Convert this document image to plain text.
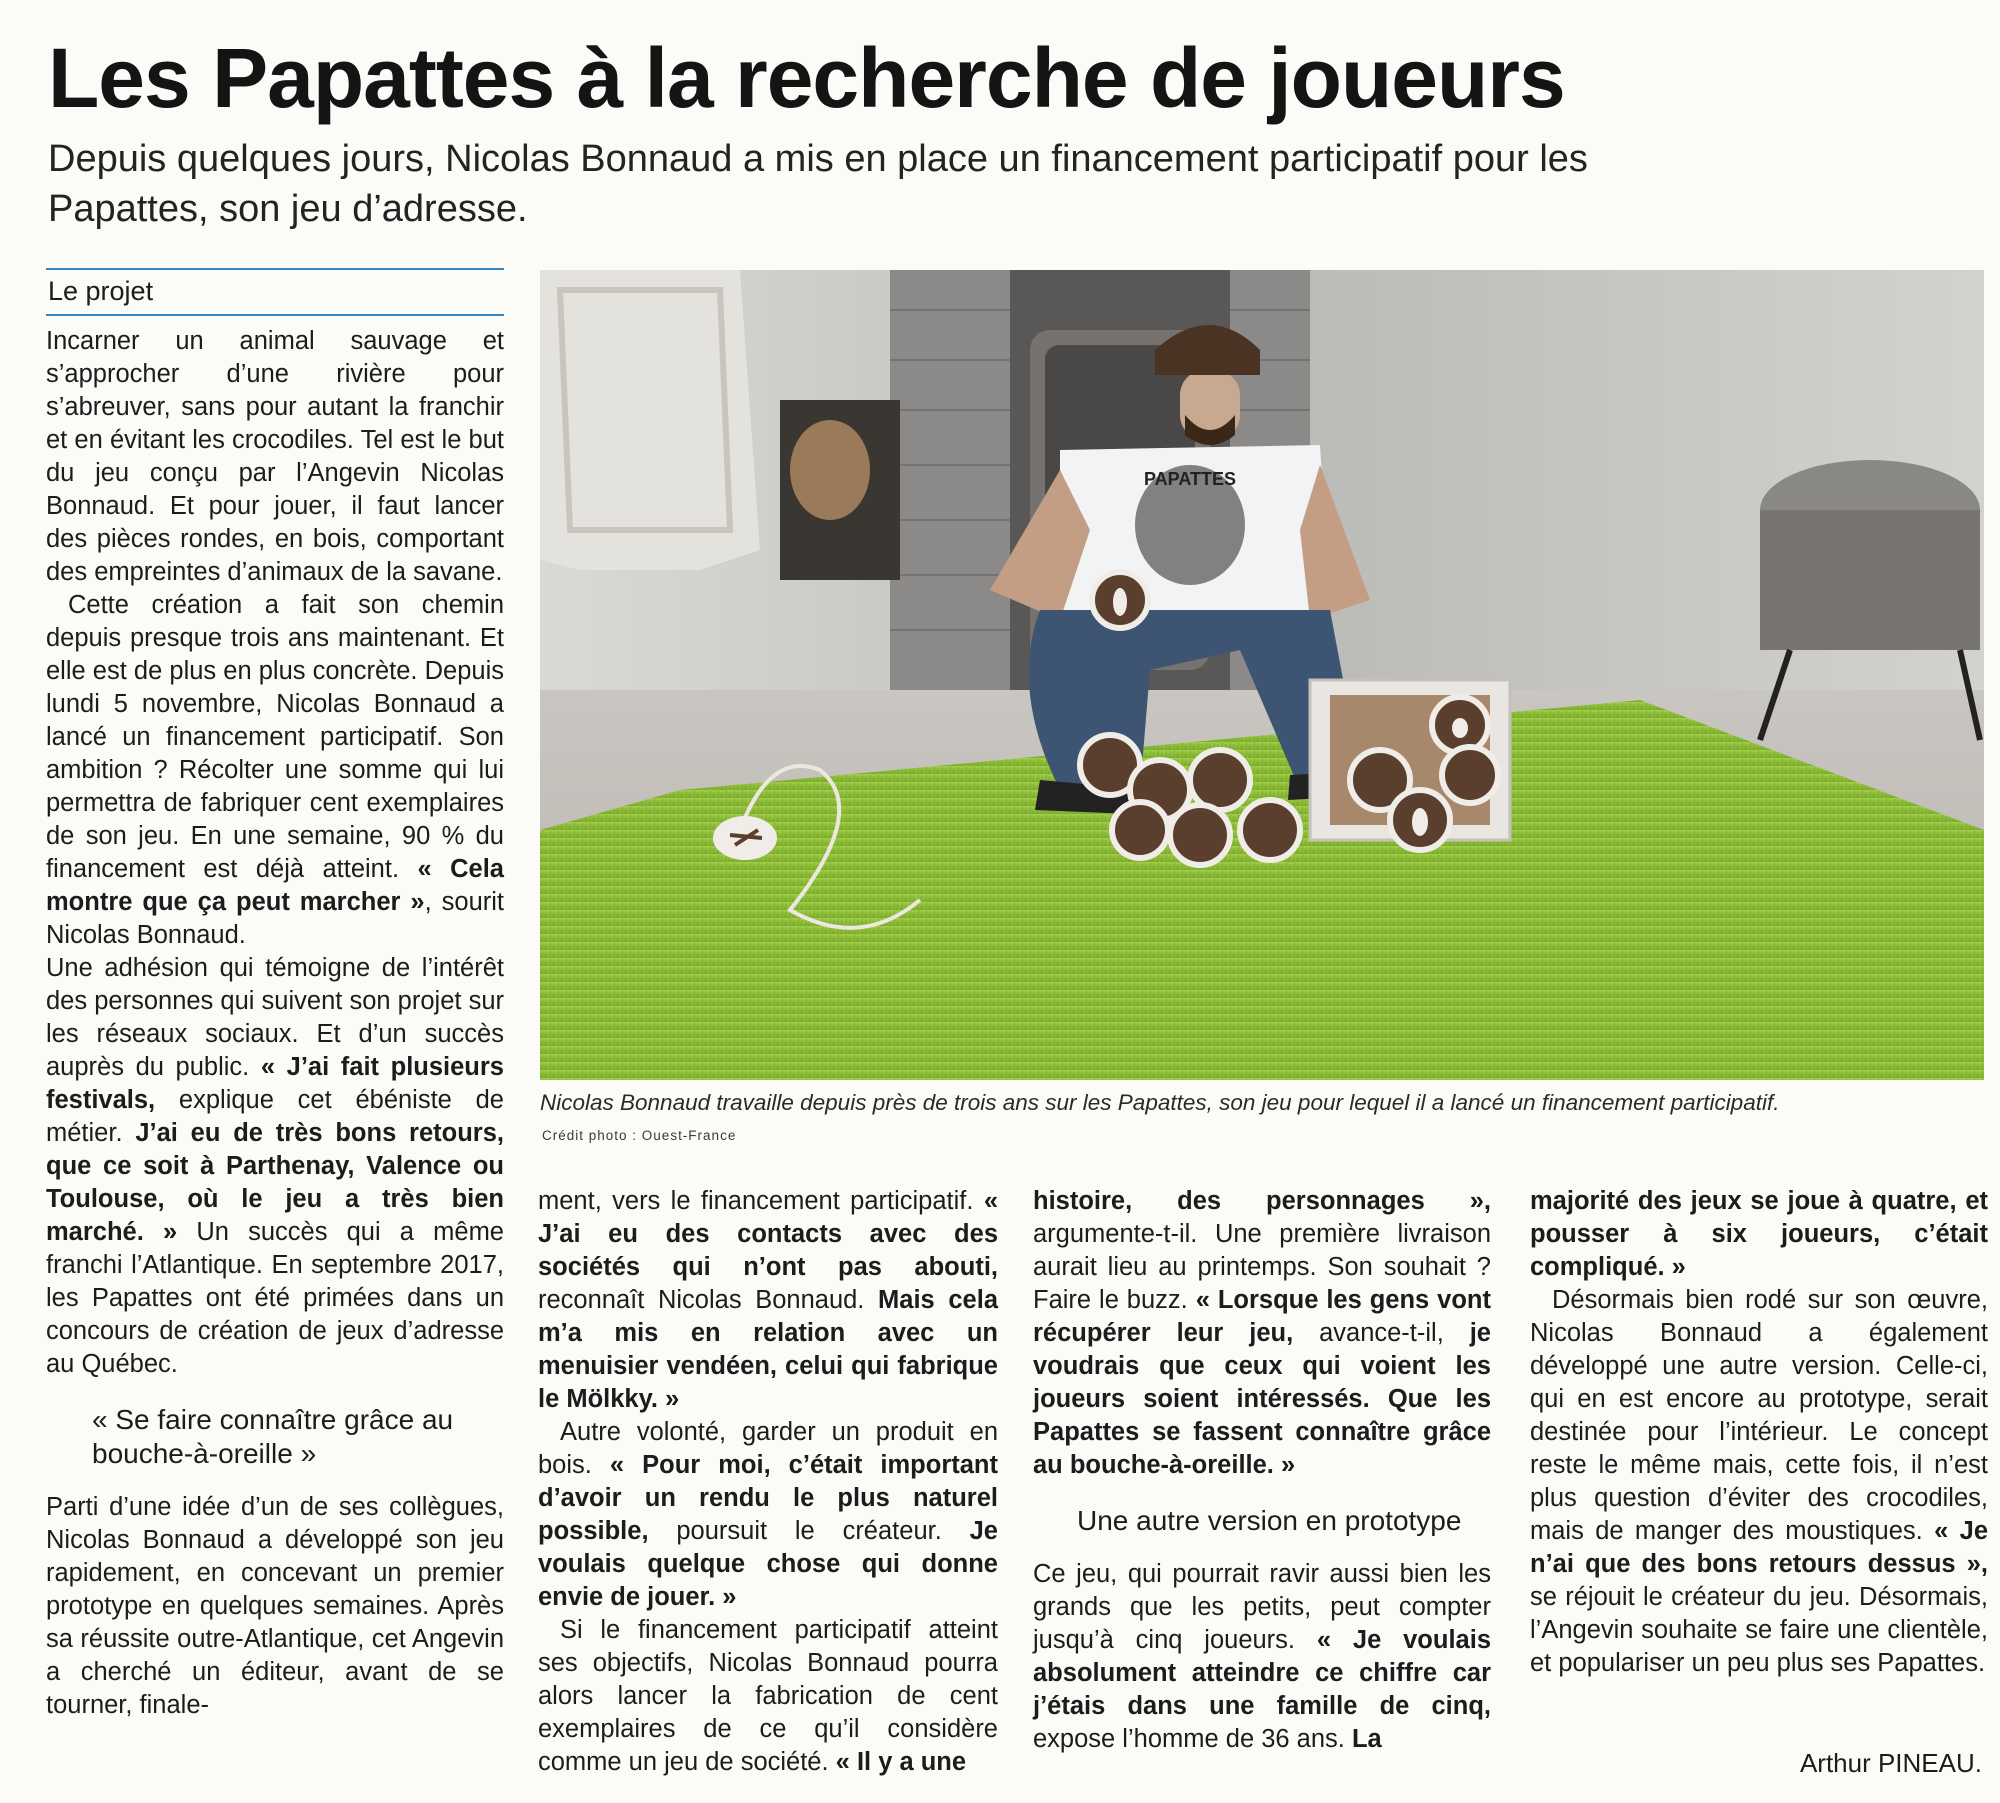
Les Papattes à la recherche de joueurs
Depuis quelques jours, Nicolas Bonnaud a mis en place un financement participatif pour les Papattes, son jeu d’adresse.
Le projet

Incarner un animal sauvage et s’approcher d’une rivière pour s’abreuver, sans pour autant la franchir et en évitant les crocodiles. Tel est le but du jeu conçu par l’Angevin Nicolas Bonnaud. Et pour jouer, il faut lancer des pièces rondes, en bois, comportant des empreintes d’animaux de la savane.

Cette création a fait son chemin depuis presque trois ans maintenant. Et elle est de plus en plus concrète. Depuis lundi 5 novembre, Nicolas Bonnaud a lancé un financement participatif. Son ambition ? Récolter une somme qui lui permettra de fabriquer cent exemplaires de son jeu. En une semaine, 90 % du financement est déjà atteint. « Cela montre que ça peut marcher », sourit Nicolas Bonnaud.

Une adhésion qui témoigne de l’intérêt des personnes qui suivent son projet sur les réseaux sociaux. Et d’un succès auprès du public. « J’ai fait plusieurs festivals, explique cet ébéniste de métier. J’ai eu de très bons retours, que ce soit à Parthenay, Valence ou Toulouse, où le jeu a très bien marché. » Un succès qui a même franchi l’Atlantique. En septembre 2017, les Papattes ont été primées dans un concours de création de jeux d’adresse au Québec.

« Se faire connaître grâce au bouche-à-oreille »

Parti d’une idée d’un de ses collègues, Nicolas Bonnaud a développé son jeu rapidement, en concevant un premier prototype en quelques semaines. Après sa réussite outre-Atlantique, cet Angevin a cherché un éditeur, avant de se tourner, finale-

PAPATTES
Nicolas Bonnaud travaille depuis près de trois ans sur les Papattes, son jeu pour lequel il a lancé un financement participatif.
Crédit photo : Ouest-France

ment, vers le financement participatif. « J’ai eu des contacts avec des sociétés qui n’ont pas abouti, reconnaît Nicolas Bonnaud. Mais cela m’a mis en relation avec un menuisier vendéen, celui qui fabrique le Mölkky. »

Autre volonté, garder un produit en bois. « Pour moi, c’était important d’avoir un rendu le plus naturel possible, poursuit le créateur. Je voulais quelque chose qui donne envie de jouer. »

Si le financement participatif atteint ses objectifs, Nicolas Bonnaud pourra alors lancer la fabrication de cent exemplaires de ce qu’il considère comme un jeu de société. « Il y a une

histoire, des personnages », argumente-t-il. Une première livraison aurait lieu au printemps. Son souhait ? Faire le buzz. « Lorsque les gens vont récupérer leur jeu, avance-t-il, je voudrais que ceux qui voient les joueurs soient intéressés. Que les Papattes se fassent connaître grâce au bouche-à-oreille. »

Une autre version en prototype

Ce jeu, qui pourrait ravir aussi bien les grands que les petits, peut compter jusqu’à cinq joueurs. « Je voulais absolument atteindre ce chiffre car j’étais dans une famille de cinq, expose l’homme de 36 ans. La

majorité des jeux se joue à quatre, et pousser à six joueurs, c’était compliqué. »

Désormais bien rodé sur son œuvre, Nicolas Bonnaud a également développé une autre version. Celle-ci, qui en est encore au prototype, serait destinée pour l’intérieur. Le concept reste le même mais, cette fois, il n’est plus question d’éviter des crocodiles, mais de manger des moustiques. « Je n’ai que des bons retours dessus », se réjouit le créateur du jeu. Désormais, l’Angevin souhaite se faire une clientèle, et populariser un peu plus ses Papattes.

Arthur PINEAU.
